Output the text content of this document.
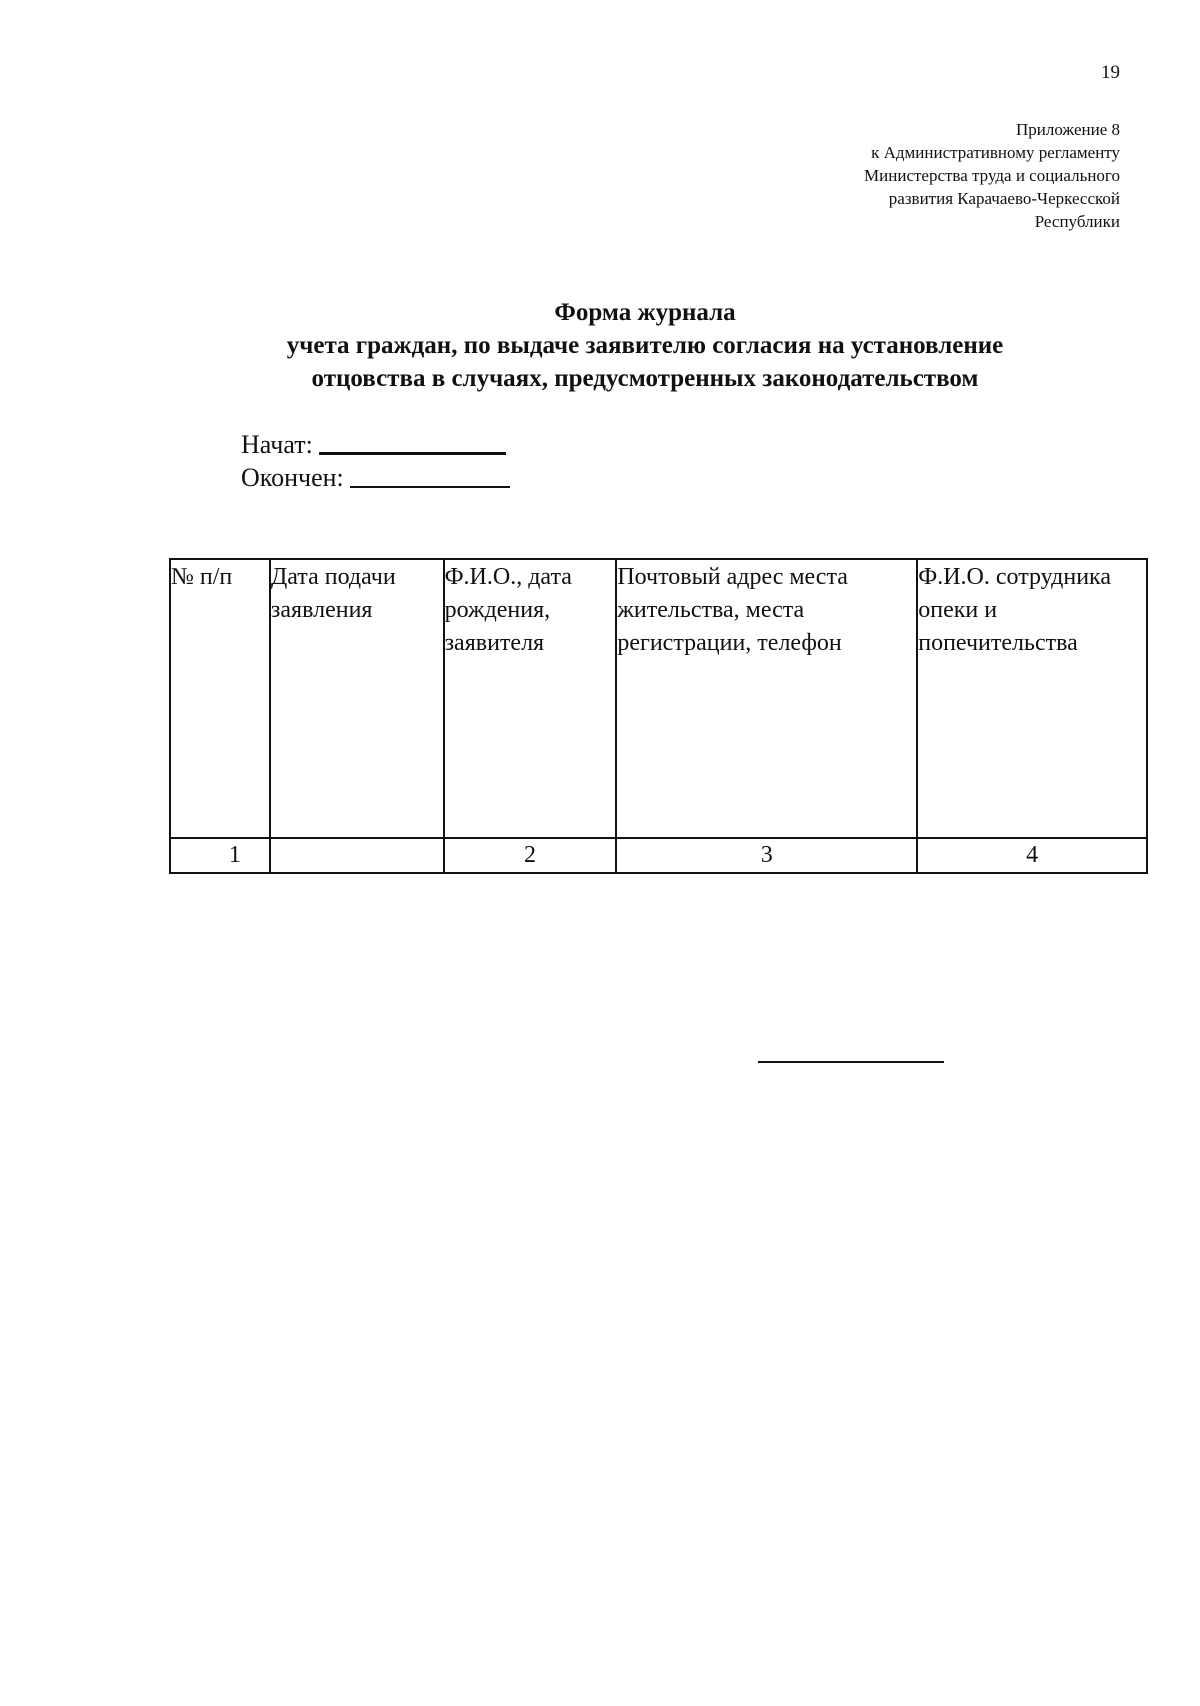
19
Приложение 8
к Административному регламенту
Министерства труда и социального
развития Карачаево-Черкесской
Республики
Форма журнала
учета граждан, по выдаче заявителю согласия на установление
отцовства в случаях, предусмотренных законодательством
Начат:
Окончен:
№ п/п	Дата подачи заявления	Ф.И.О., дата рождения, заявителя	Почтовый адрес места жительства, места регистрации, телефон	Ф.И.О. сотрудника опеки и попечительства
1		2	3	4
